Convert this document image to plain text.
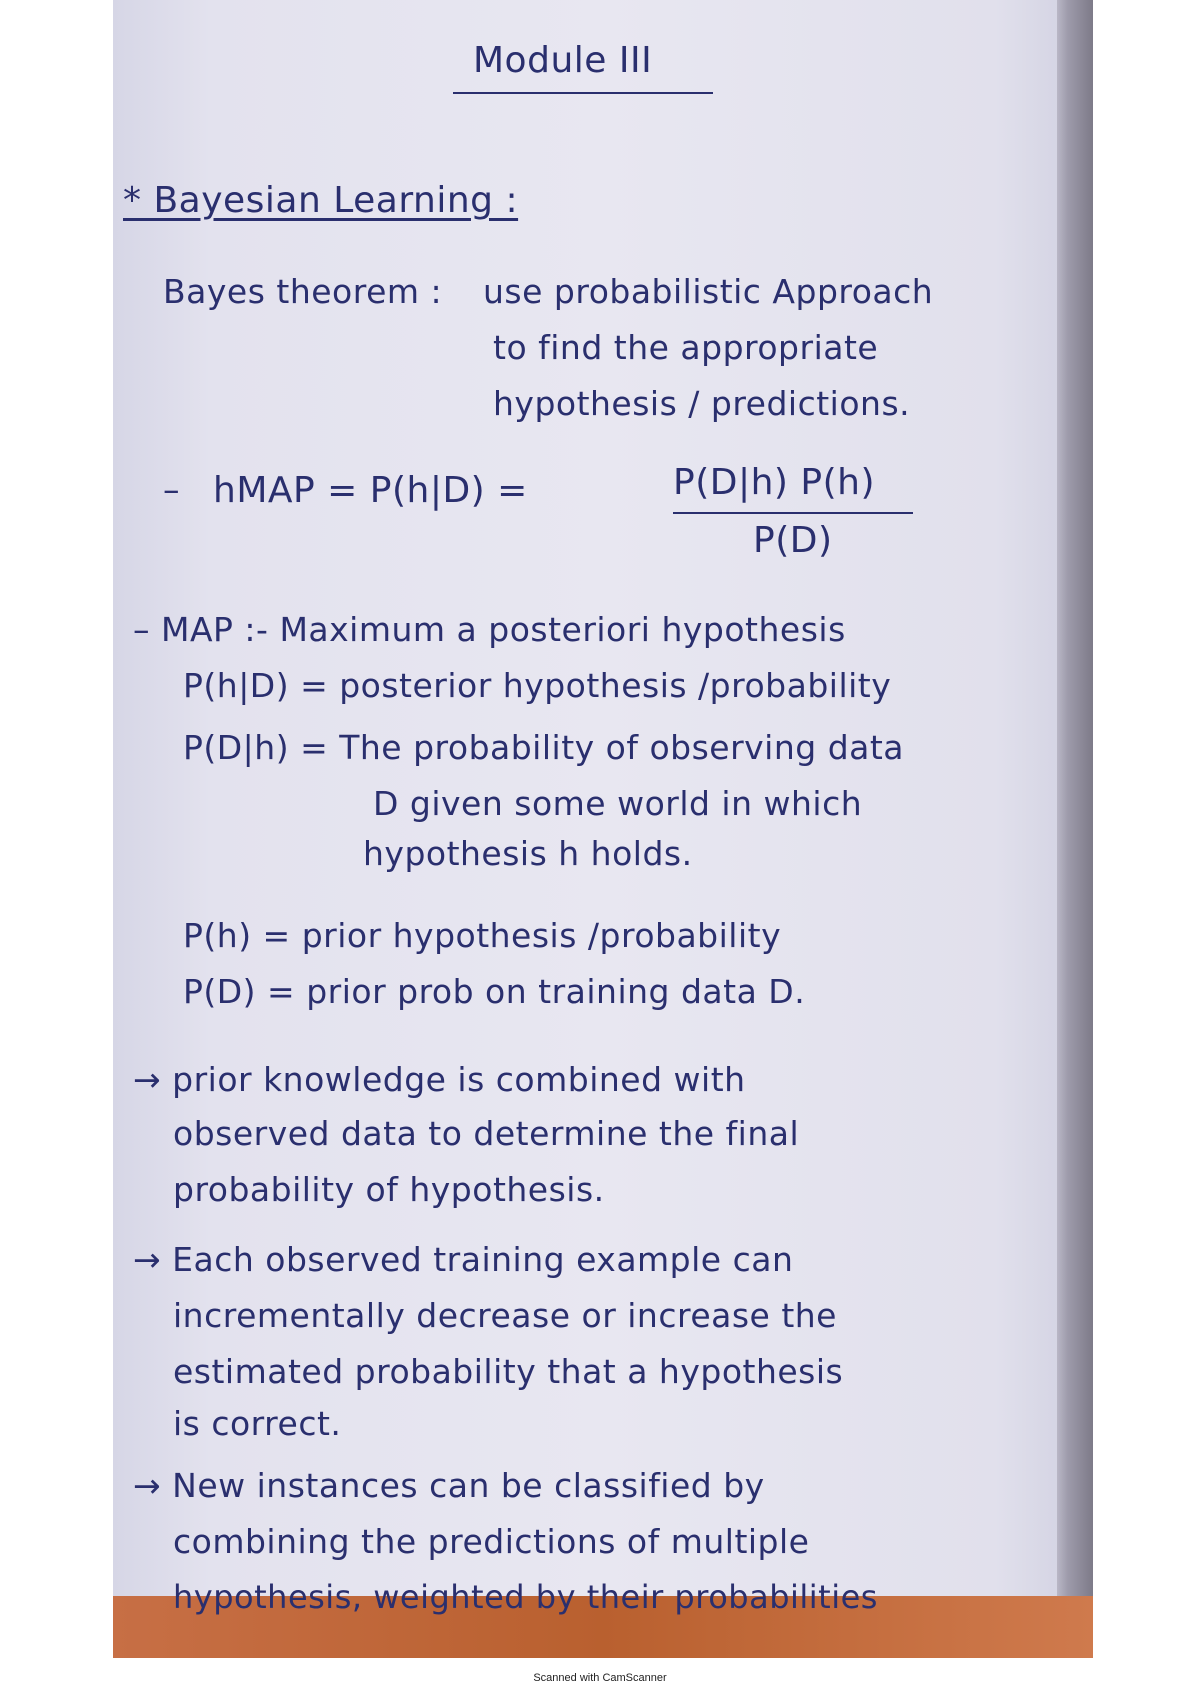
Module III
* Bayesian Learning :
Bayes theorem : use probabilistic Approach
to find the appropriate
hypothesis / predictions.
– hMAP = P(h|D) =	P(D|h) P(h)
P(D)
– MAP :- Maximum a posteriori hypothesis
P(h|D) = posterior hypothesis /probability
P(D|h) = The probability of observing data
D given some world in which
hypothesis h holds.
P(h) = prior hypothesis /probability
P(D) = prior prob on training data D.
→ prior knowledge is combined with
observed data to determine the final
probability of hypothesis.
→ Each observed training example can
incrementally decrease or increase the
estimated probability that a hypothesis
is correct.
→ New instances can be classified by
combining the predictions of multiple
hypothesis, weighted by their probabilities
Scanned with CamScanner
